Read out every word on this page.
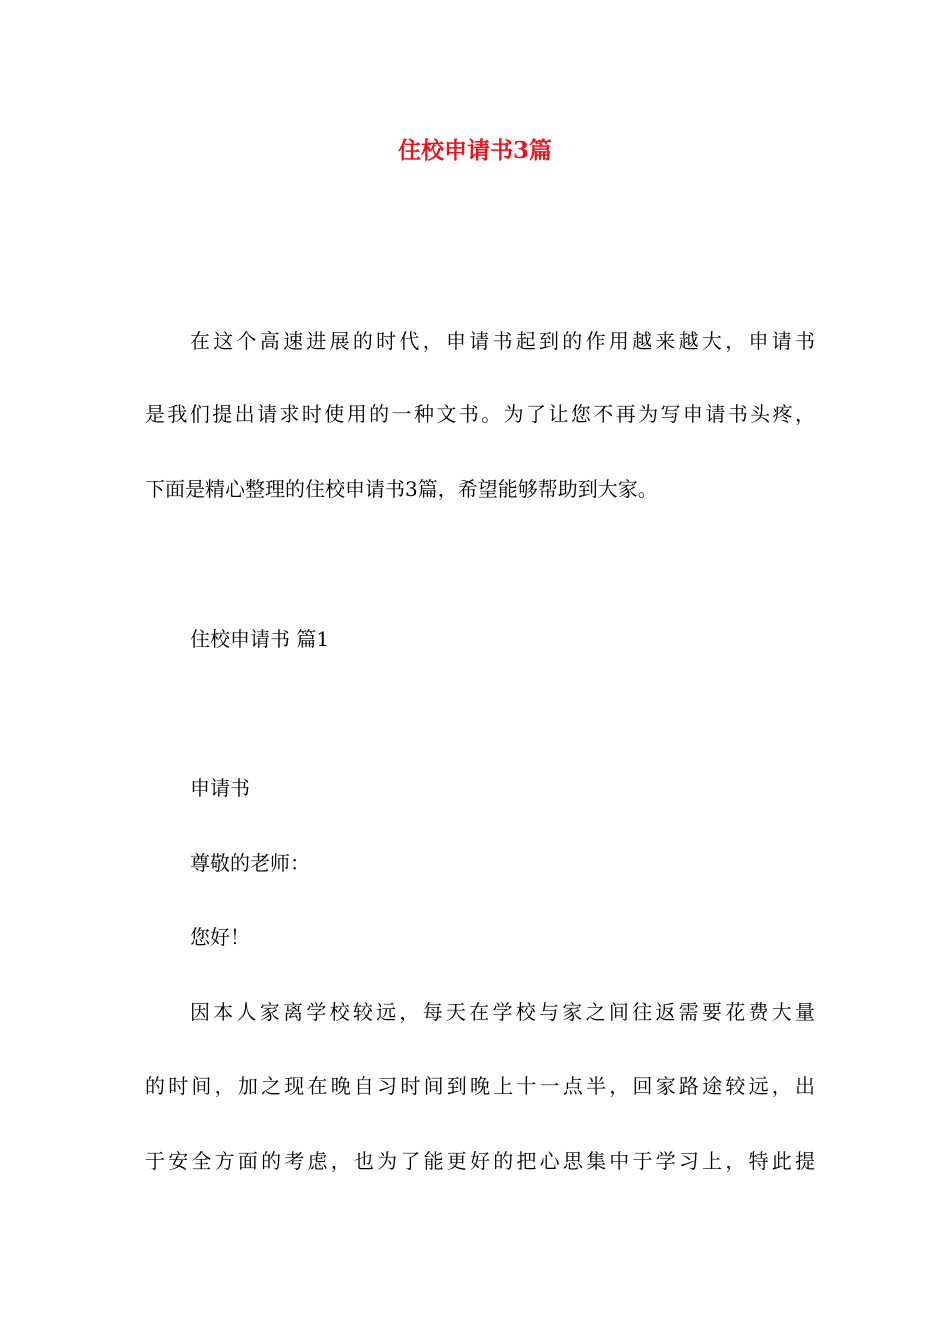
住校申请书3篇

在这个高速进展的时代，申请书起到的作用越来越大，申请书

是我们提出请求时使用的一种文书。为了让您不再为写申请书头疼，

下面是精心整理的住校申请书3篇，希望能够帮助到大家。

住校申请书 篇1

申请书

尊敬的老师：

您好！

因本人家离学校较远，每天在学校与家之间往返需要花费大量

的时间，加之现在晚自习时间到晚上十一点半，回家路途较远，出

于安全方面的考虑，也为了能更好的把心思集中于学习上，特此提
